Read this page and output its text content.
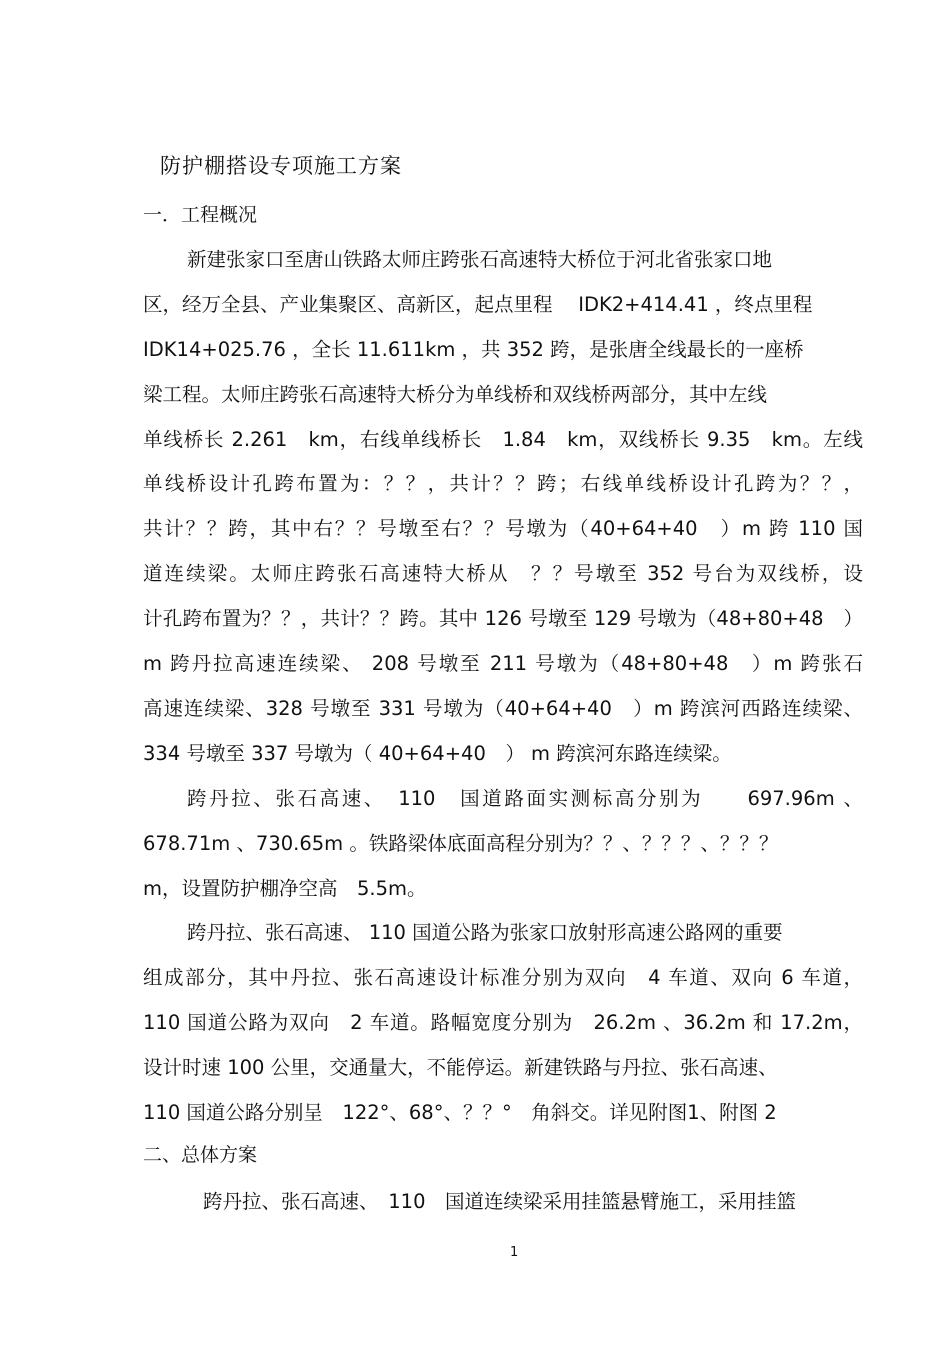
防护棚搭设专项施工方案
一．工程概况
新建张家口至唐山铁路太师庄跨张石高速特大桥位于河北省张家口地
区，经万全县、产业集聚区、高新区，起点里程　 IDK2+414.41 ，终点里程
IDK14+025.76 ，全长 11.611km ，共 352 跨，是张唐全线最长的一座桥
梁工程。太师庄跨张石高速特大桥分为单线桥和双线桥两部分，其中左线
单线桥长 2.261　km，右线单线桥长　1.84　km，双线桥长 9.35　km。左线
单线桥设计孔跨布置为：？？，共计？？跨；右线单线桥设计孔跨为？？，
共计？？跨，其中右？？号墩至右？？号墩为（40+64+40　）m 跨 110 国
道连续梁。太师庄跨张石高速特大桥从　？？号墩至 352 号台为双线桥，设
计孔跨布置为？？，共计？？跨。其中 126 号墩至 129 号墩为（48+80+48　）
m 跨丹拉高速连续梁、 208 号墩至 211 号墩为（48+80+48　）m 跨张石
高速连续梁、328 号墩至 331 号墩为（40+64+40　）m 跨滨河西路连续梁、
334 号墩至 337 号墩为（ 40+64+40　） m 跨滨河东路连续梁。
跨丹拉、张石高速、　110　国道路面实测标高分别为　　697.96m 、
678.71m 、730.65m 。铁路梁体底面高程分别为？？、？？？、？？？
m，设置防护棚净空高　5.5m。
跨丹拉、张石高速、 110 国道公路为张家口放射形高速公路网的重要
组成部分，其中丹拉、张石高速设计标准分别为双向　4 车道、双向 6 车道，
110 国道公路为双向　2 车道。路幅宽度分别为　26.2m 、36.2m 和 17.2m，
设计时速 100 公里，交通量大，不能停运。新建铁路与丹拉、张石高速、
110 国道公路分别呈　122°、68°、？？°　角斜交。详见附图1、附图 2
二、总体方案
跨丹拉、张石高速、　110　国道连续梁采用挂篮悬臂施工，采用挂篮
1
